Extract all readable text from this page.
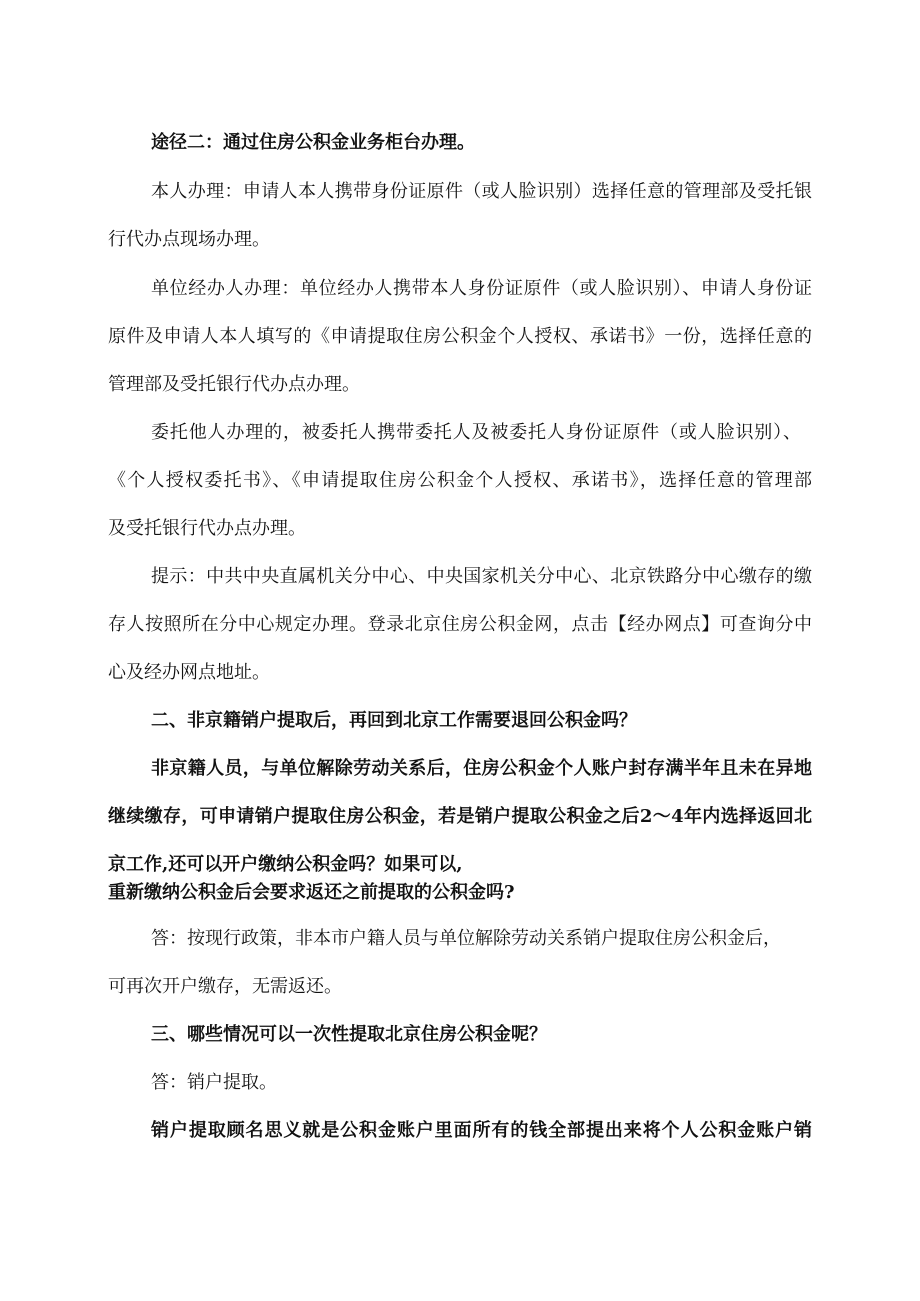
途径二：通过住房公积金业务柜台办理。
本人办理：申请人本人携带身份证原件（或人脸识别）选择任意的管理部及受托银
行代办点现场办理。
单位经办人办理：单位经办人携带本人身份证原件（或人脸识别）、申请人身份证
原件及申请人本人填写的《申请提取住房公积金个人授权、承诺书》一份，选择任意的
管理部及受托银行代办点办理。
委托他人办理的，被委托人携带委托人及被委托人身份证原件（或人脸识别）、
《个人授权委托书》、《申请提取住房公积金个人授权、承诺书》，选择任意的管理部
及受托银行代办点办理。
提示：中共中央直属机关分中心、中央国家机关分中心、北京铁路分中心缴存的缴
存人按照所在分中心规定办理。登录北京住房公积金网，点击【经办网点】可查询分中
心及经办网点地址。
二、非京籍销户提取后，再回到北京工作需要退回公积金吗？
非京籍人员，与单位解除劳动关系后，住房公积金个人账户封存满半年且未在异地
继续缴存，可申请销户提取住房公积金，若是销户提取公积金之后2～4年内选择返回北
京工作,还可以开户缴纳公积金吗？如果可以,
重新缴纳公积金后会要求返还之前提取的公积金吗?
答：按现行政策，非本市户籍人员与单位解除劳动关系销户提取住房公积金后，
可再次开户缴存，无需返还。
三、哪些情况可以一次性提取北京住房公积金呢？
答：销户提取。
销户提取顾名思义就是公积金账户里面所有的钱全部提出来将个人公积金账户销
